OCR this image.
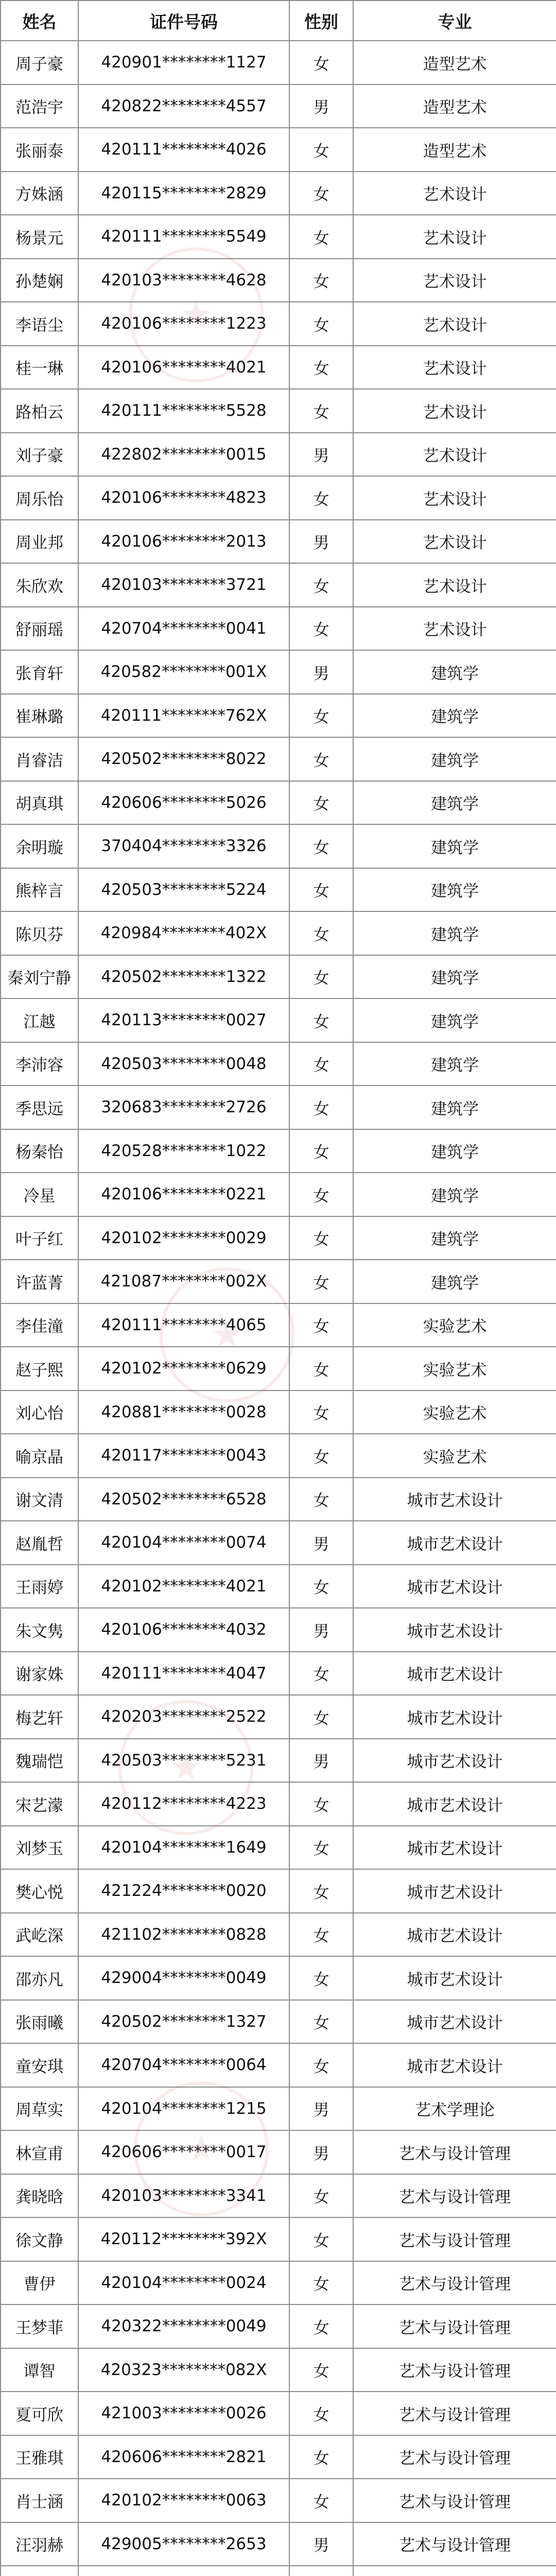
姓名	证件号码	性别	专业
周子豪	420901********1127	女	造型艺术
范浩宇	420822********4557	男	造型艺术
张丽泰	420111********4026	女	造型艺术
方姝涵	420115********2829	女	艺术设计
杨景元	420111********5549	女	艺术设计
孙楚娴	420103********4628	女	艺术设计
李语尘	420106********1223	女	艺术设计
桂一琳	420106********4021	女	艺术设计
路柏云	420111********5528	女	艺术设计
刘子豪	422802********0015	男	艺术设计
周乐怡	420106********4823	女	艺术设计
周业邦	420106********2013	男	艺术设计
朱欣欢	420103********3721	女	艺术设计
舒丽瑶	420704********0041	女	艺术设计
张育轩	420582********001X	男	建筑学
崔琳璐	420111********762X	女	建筑学
肖睿洁	420502********8022	女	建筑学
胡真琪	420606********5026	女	建筑学
余明璇	370404********3326	女	建筑学
熊梓言	420503********5224	女	建筑学
陈贝芬	420984********402X	女	建筑学
秦刘宁静	420502********1322	女	建筑学
江越	420113********0027	女	建筑学
李沛容	420503********0048	女	建筑学
季思远	320683********2726	女	建筑学
杨秦怡	420528********1022	女	建筑学
冷星	420106********0221	女	建筑学
叶子红	420102********0029	女	建筑学
许蓝菁	421087********002X	女	建筑学
李佳潼	420111********4065	女	实验艺术
赵子熙	420102********0629	女	实验艺术
刘心怡	420881********0028	女	实验艺术
喻京晶	420117********0043	女	实验艺术
谢文清	420502********6528	女	城市艺术设计
赵胤哲	420104********0074	男	城市艺术设计
王雨婷	420102********4021	女	城市艺术设计
朱文隽	420106********4032	男	城市艺术设计
谢家姝	420111********4047	女	城市艺术设计
梅艺轩	420203********2522	女	城市艺术设计
魏瑞恺	420503********5231	男	城市艺术设计
宋艺濛	420112********4223	女	城市艺术设计
刘梦玉	420104********1649	女	城市艺术设计
樊心悦	421224********0020	女	城市艺术设计
武屹深	421102********0828	女	城市艺术设计
邵亦凡	429004********0049	女	城市艺术设计
张雨曦	420502********1327	女	城市艺术设计
童安琪	420704********0064	女	城市艺术设计
周草实	420104********1215	男	艺术学理论
林宣甫	420606********0017	男	艺术与设计管理
龚晓晗	420103********3341	女	艺术与设计管理
徐文静	420112********392X	女	艺术与设计管理
曹伊	420104********0024	女	艺术与设计管理
王梦菲	420322********0049	女	艺术与设计管理
谭智	420323********082X	女	艺术与设计管理
夏可欣	421003********0026	女	艺术与设计管理
王雅琪	420606********2821	女	艺术与设计管理
肖士涵	420102********0063	女	艺术与设计管理
汪羽赫	429005********2653	男	艺术与设计管理
